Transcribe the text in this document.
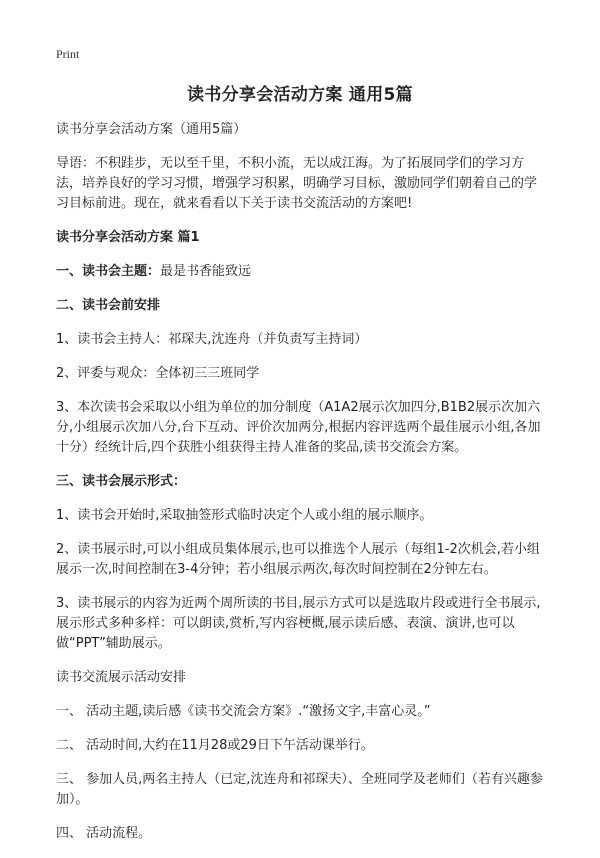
Print
读书分享会活动方案 通用5篇

读书分享会活动方案（通用5篇）

导语：不积跬步，无以至千里，不积小流，无以成江海。为了拓展同学们的学习方法，培养良好的学习习惯，增强学习积累，明确学习目标，激励同学们朝着自己的学习目标前进。现在，就来看看以下关于读书交流活动的方案吧!

读书分享会活动方案 篇1

一、读书会主题：最是书香能致远

二、读书会前安排

1、读书会主持人：祁琛夫,沈连舟（并负责写主持词）

2、评委与观众：全体初三三班同学

3、本次读书会采取以小组为单位的加分制度（A1A2展示次加四分,B1B2展示次加六分,小组展示次加八分,台下互动、评价次加两分,根据内容评选两个最佳展示小组,各加十分）经统计后,四个获胜小组获得主持人准备的奖品,读书交流会方案。

三、读书会展示形式：

1、读书会开始时,采取抽签形式临时决定个人或小组的展示顺序。

2、读书展示时,可以小组成员集体展示,也可以推选个人展示（每组1-2次机会,若小组展示一次,时间控制在3-4分钟；若小组展示两次,每次时间控制在2分钟左右。

3、读书展示的内容为近两个周所读的书目,展示方式可以是选取片段或进行全书展示,展示形式多种多样：可以朗读,赏析,写内容梗概,展示读后感、表演、演讲,也可以做“PPT”辅助展示。

读书交流展示活动安排

一、 活动主题,读后感《读书交流会方案》.“激扬文字,丰富心灵。”

二、 活动时间,大约在11月28或29日下午活动课举行。

三、 参加人员,两名主持人（已定,沈连舟和祁琛夫）、全班同学及老师们（若有兴趣参加）。

四、 活动流程。
